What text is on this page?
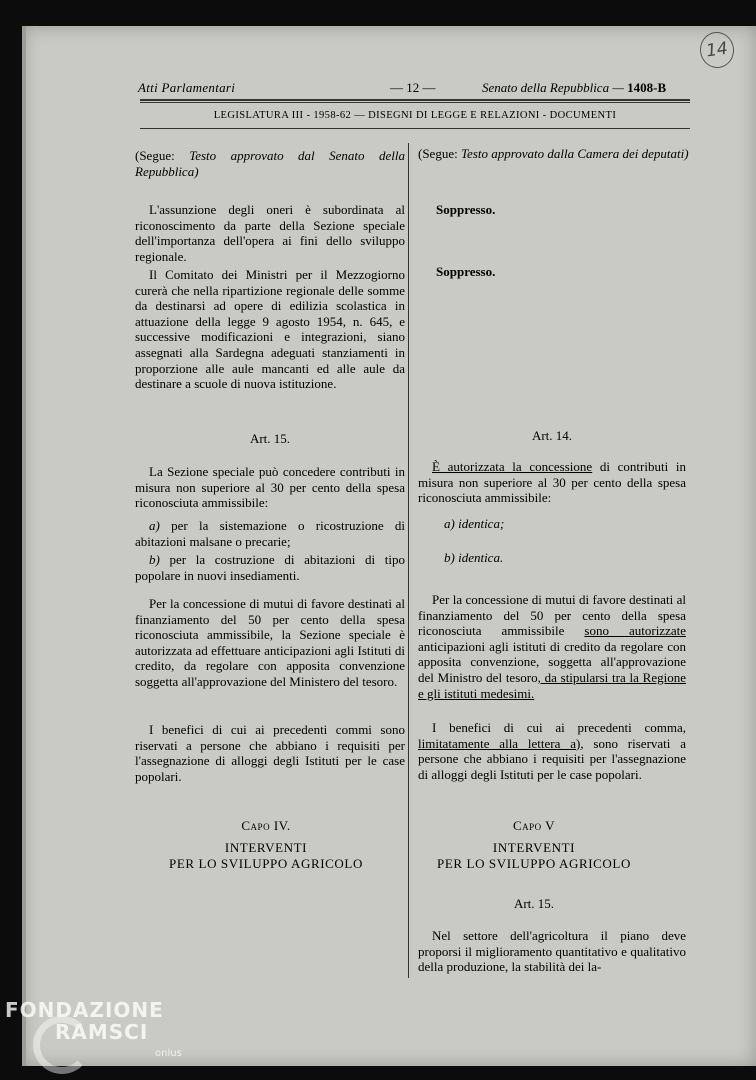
14
Atti Parlamentari	— 12 —	Senato della Repubblica — 1408-B
LEGISLATURA III - 1958-62 — DISEGNI DI LEGGE E RELAZIONI - DOCUMENTI

(Segue: Testo approvato dal Senato della Repubblica)

L'assunzione degli oneri è subordinata al riconoscimento da parte della Sezione speciale dell'importanza dell'opera ai fini dello sviluppo regionale.

Il Comitato dei Ministri per il Mezzogiorno curerà che nella ripartizione regionale delle somme da destinarsi ad opere di edilizia scolastica in attuazione della legge 9 agosto 1954, n. 645, e successive modificazioni e integrazioni, siano assegnati alla Sardegna adeguati stanziamenti in proporzione alle aule mancanti ed alle aule da destinare a scuole di nuova istituzione.

Art. 15.

La Sezione speciale può concedere contributi in misura non superiore al 30 per cento della spesa riconosciuta ammissibile:

a) per la sistemazione o ricostruzione di abitazioni malsane o precarie;

b) per la costruzione di abitazioni di tipo popolare in nuovi insediamenti.

Per la concessione di mutui di favore destinati al finanziamento del 50 per cento della spesa riconosciuta ammissibile, la Sezione speciale è autorizzata ad effettuare anticipazioni agli Istituti di credito, da regolare con apposita convenzione soggetta all'approvazione del Ministero del tesoro.

I benefici di cui ai precedenti commi sono riservati a persone che abbiano i requisiti per l'assegnazione di alloggi degli Istituti per le case popolari.

Capo IV.

INTERVENTI

PER LO SVILUPPO AGRICOLO

(Segue: Testo approvato dalla Camera dei deputati)

Soppresso.

Soppresso.

Art. 14.

È autorizzata la concessione di contributi in misura non superiore al 30 per cento della spesa riconosciuta ammissibile:

a) identica;

b) identica.

Per la concessione di mutui di favore destinati al finanziamento del 50 per cento della spesa riconosciuta ammissibile sono autorizzate anticipazioni agli istituti di credito da regolare con apposita convenzione, soggetta all'approvazione del Ministro del tesoro, da stipularsi tra la Regione e gli istituti medesimi.

I benefici di cui ai precedenti comma, limitatamente alla lettera a), sono riservati a persone che abbiano i requisiti per l'assegnazione di alloggi degli Istituti per le case popolari.

Capo V

INTERVENTI

PER LO SVILUPPO AGRICOLO

Art. 15.

Nel settore dell'agricoltura il piano deve proporsi il miglioramento quantitativo e qualitativo della produzione, la stabilità dei la-

FONDAZIONE
RAMSCI
onlus
